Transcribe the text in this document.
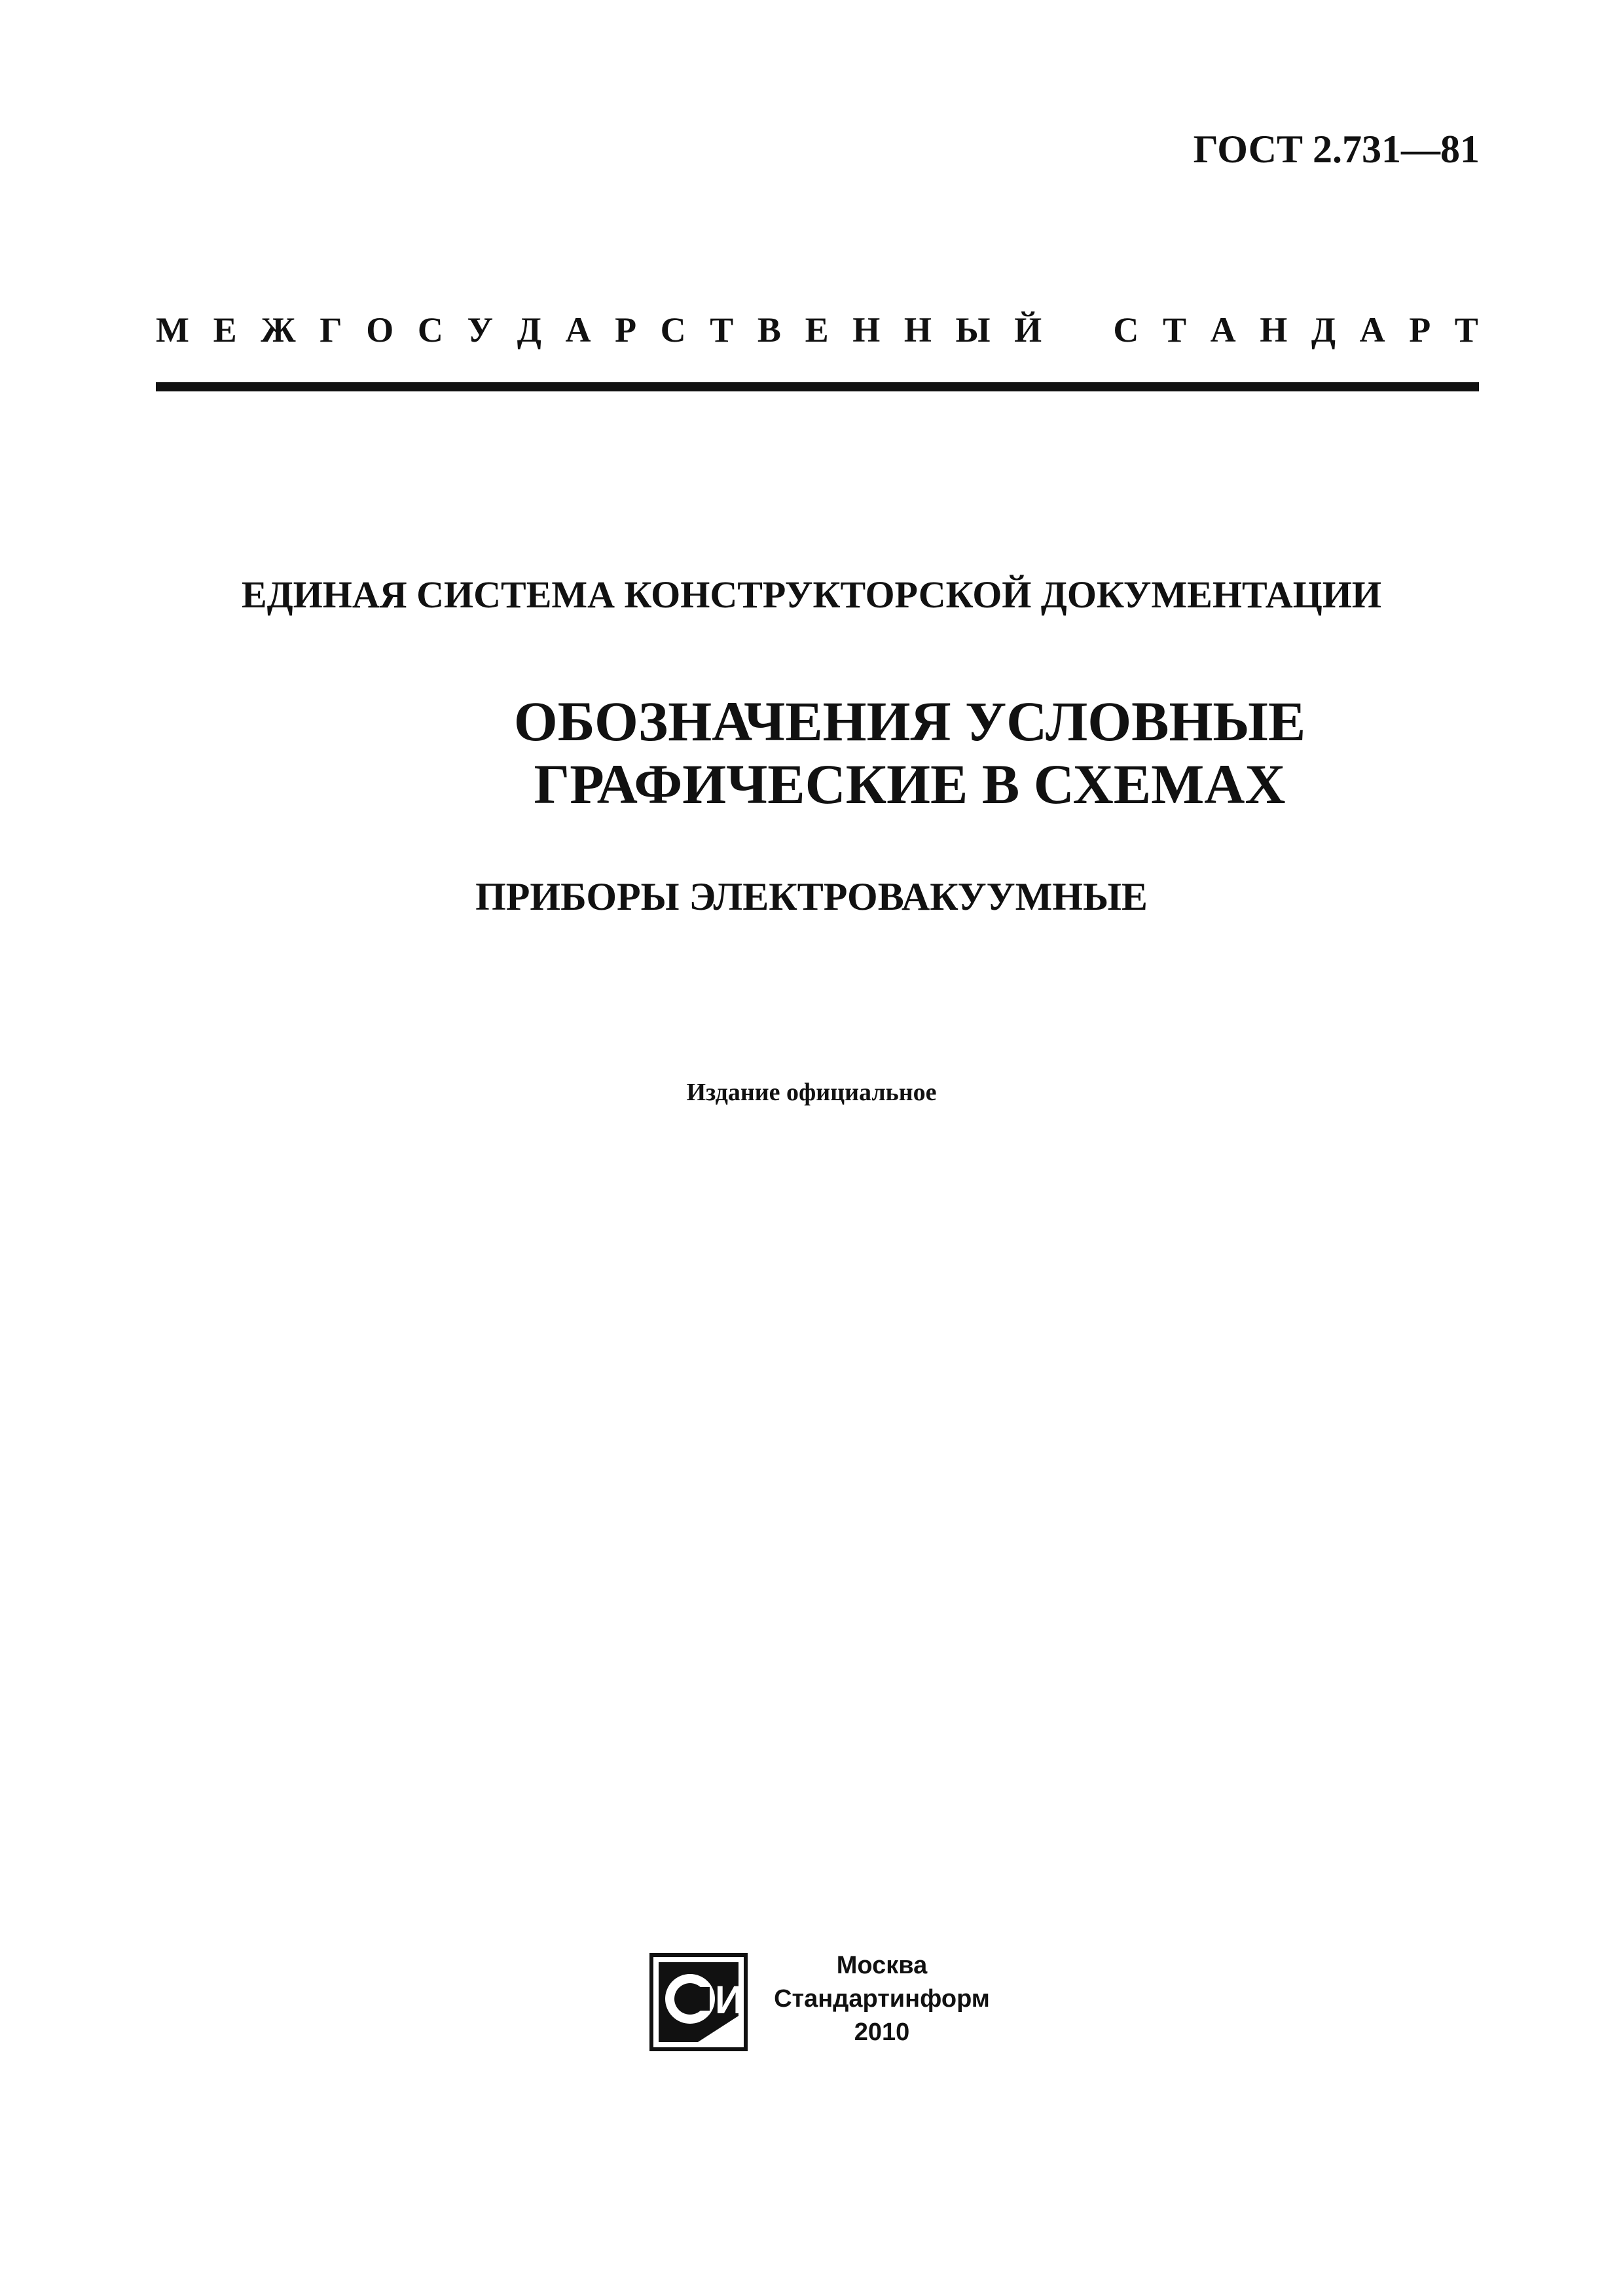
ГОСТ 2.731—81
М Е Ж Г О С У Д А Р С Т В Е Н Н Ы Й С Т А Н Д А Р Т
ЕДИНАЯ СИСТЕМА КОНСТРУКТОРСКОЙ ДОКУМЕНТАЦИИ
ОБОЗНАЧЕНИЯ УСЛОВНЫЕ
ГРАФИЧЕСКИЕ В СХЕМАХ
ПРИБОРЫ ЭЛЕКТРОВАКУУМНЫЕ
Издание официальное
И
Москва
Стандартинформ
2010
